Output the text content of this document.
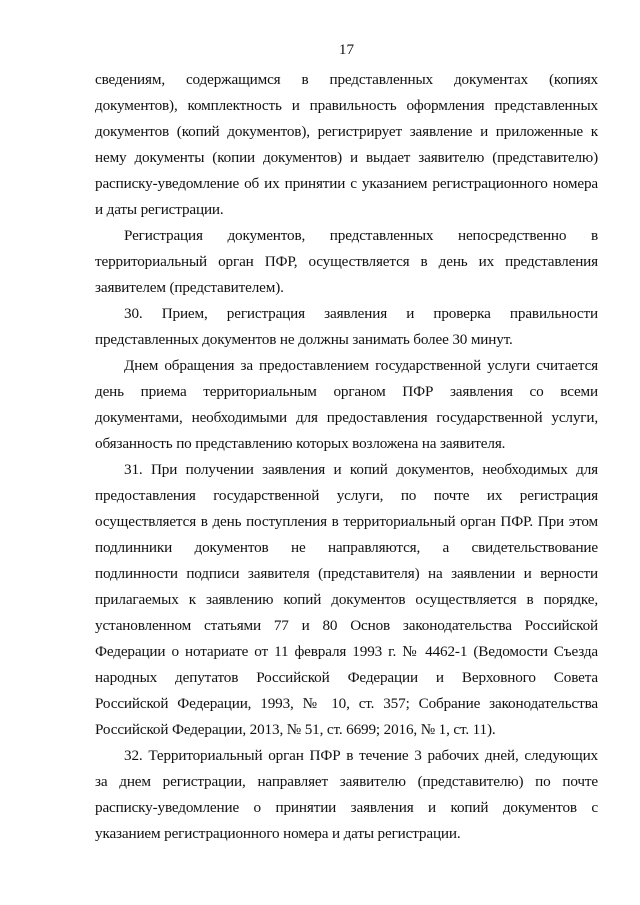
17
сведениям, содержащимся в представленных документах (копиях
документов), комплектность и правильность оформления представленных
документов (копий документов), регистрирует заявление и приложенные к
нему документы (копии документов) и выдает заявителю (представителю)
расписку-уведомление об их принятии с указанием регистрационного номера
и даты регистрации.
Регистрация документов, представленных непосредственно в
территориальный орган ПФР, осуществляется в день их представления
заявителем (представителем).
30. Прием, регистрация заявления и проверка правильности
представленных документов не должны занимать более 30 минут.
Днем обращения за предоставлением государственной услуги считается
день приема территориальным органом ПФР заявления со всеми
документами, необходимыми для предоставления государственной услуги,
обязанность по представлению которых возложена на заявителя.
31. При получении заявления и копий документов, необходимых для
предоставления государственной услуги, по почте их регистрация
осуществляется в день поступления в территориальный орган ПФР. При этом
подлинники документов не направляются, а свидетельствование
подлинности подписи заявителя (представителя) на заявлении и верности
прилагаемых к заявлению копий документов осуществляется в порядке,
установленном статьями 77 и 80 Основ законодательства Российской
Федерации о нотариате от 11 февраля 1993 г. № 4462-1 (Ведомости Съезда
народных депутатов Российской Федерации и Верховного Совета
Российской Федерации, 1993, № 10, ст. 357; Собрание законодательства
Российской Федерации, 2013, № 51, ст. 6699; 2016, № 1, ст. 11).
32. Территориальный орган ПФР в течение 3 рабочих дней, следующих
за днем регистрации, направляет заявителю (представителю) по почте
расписку-уведомление о принятии заявления и копий документов с
указанием регистрационного номера и даты регистрации.
